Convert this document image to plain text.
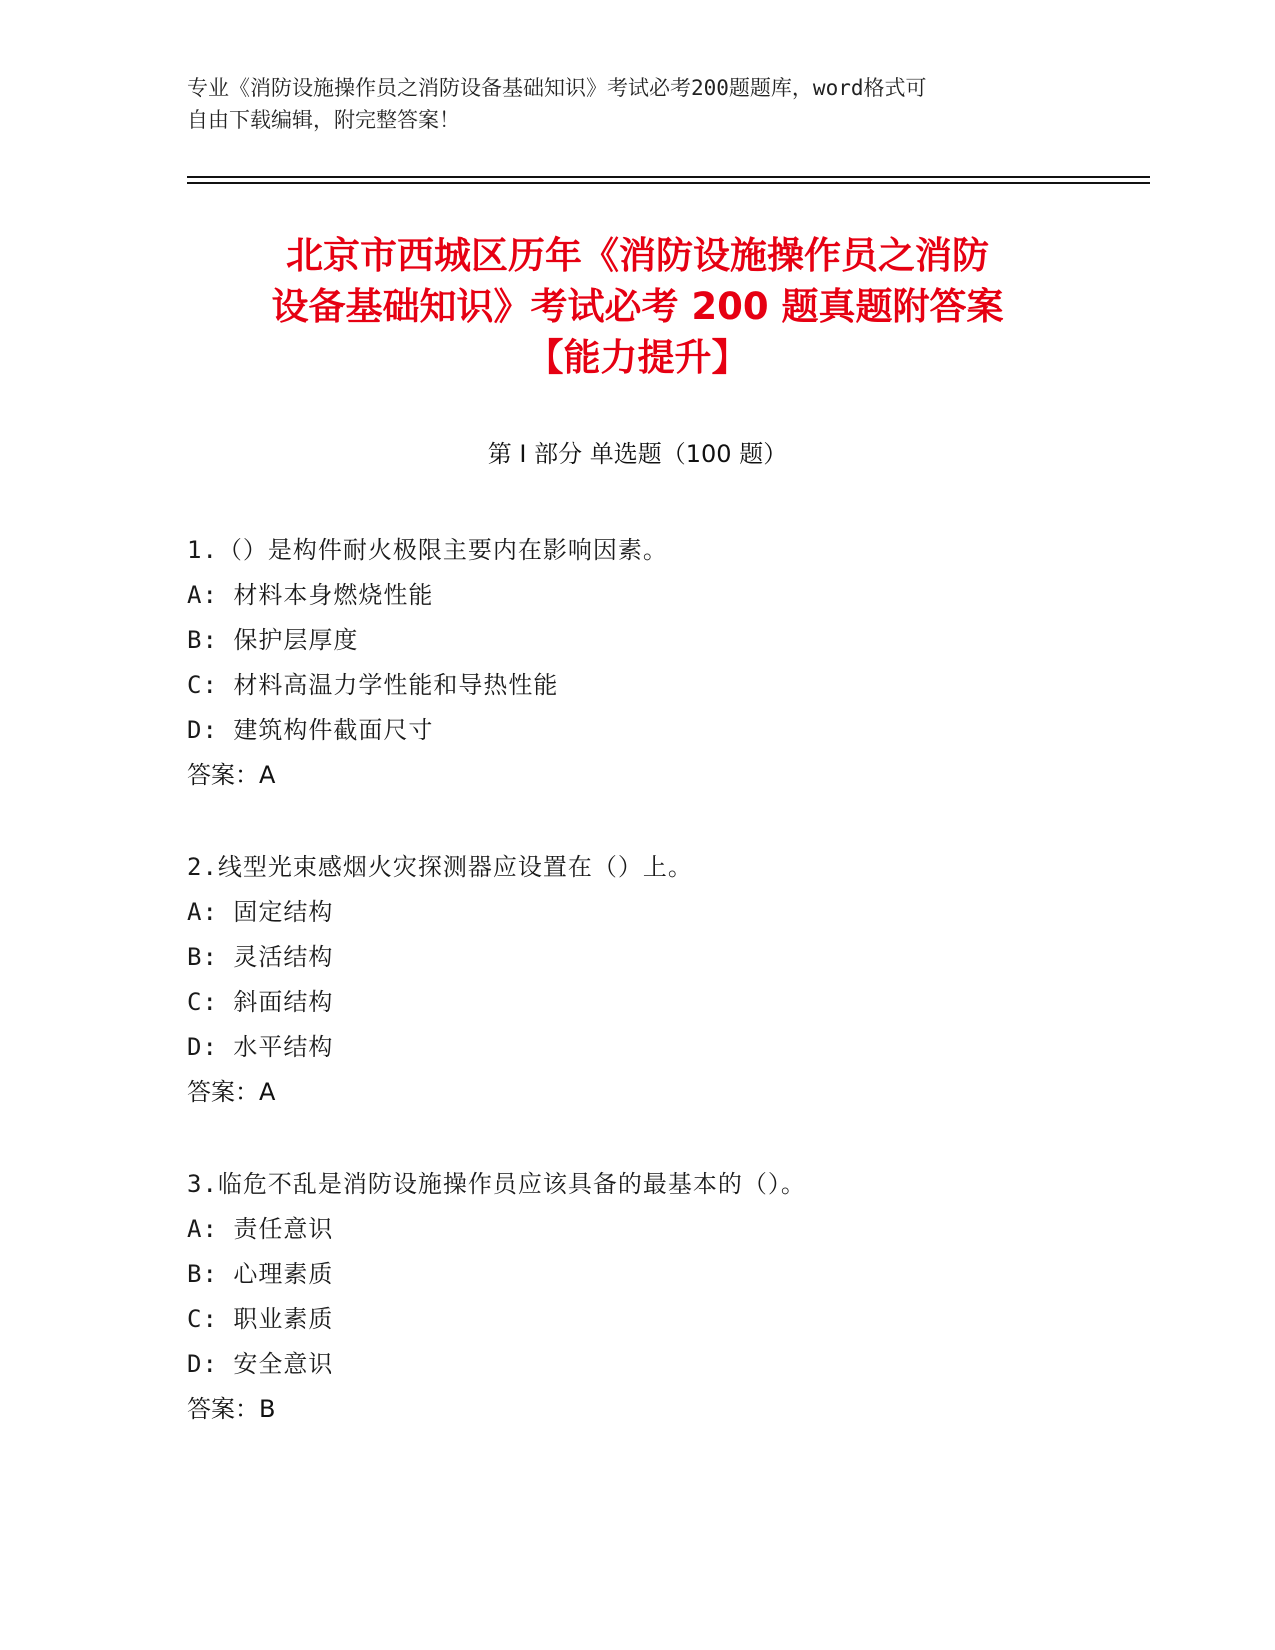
专业《消防设施操作员之消防设备基础知识》考试必考200题题库，word格式可
自由下载编辑，附完整答案！
北京市西城区历年《消防设施操作员之消防
设备基础知识》考试必考 200 题真题附答案
【能力提升】
第 I 部分 单选题（100 题）
1.（）是构件耐火极限主要内在影响因素。
A: 材料本身燃烧性能
B: 保护层厚度
C: 材料高温力学性能和导热性能
D: 建筑构件截面尺寸
答案：A
2.线型光束感烟火灾探测器应设置在（）上。
A: 固定结构
B: 灵活结构
C: 斜面结构
D: 水平结构
答案：A
3.临危不乱是消防设施操作员应该具备的最基本的（）。
A: 责任意识
B: 心理素质
C: 职业素质
D: 安全意识
答案：B
